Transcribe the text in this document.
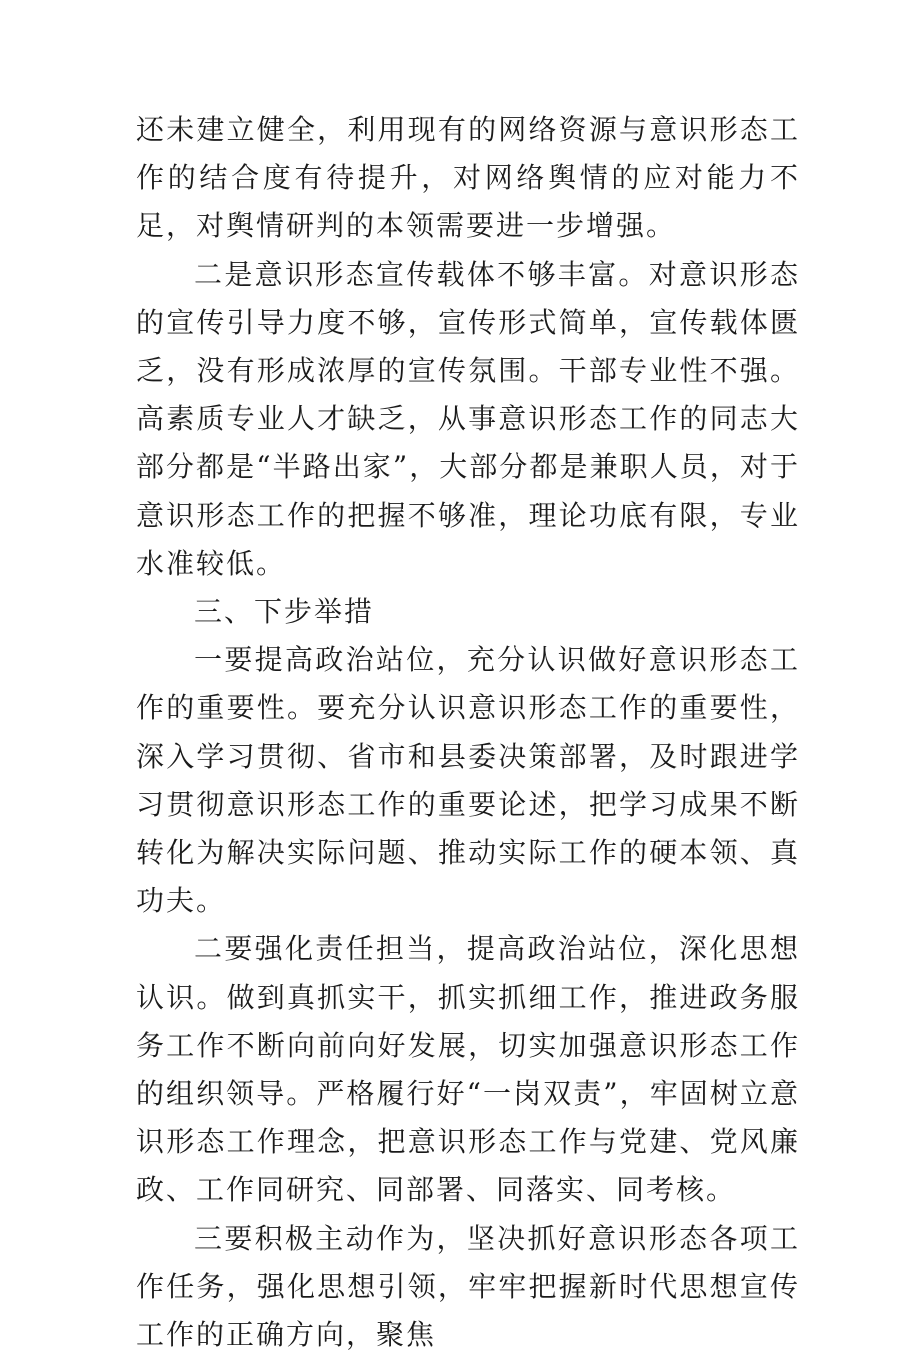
还未建立健全，利用现有的网络资源与意识形态工作的结合度有待提升，对网络舆情的应对能力不足，对舆情研判的本领需要进一步增强。

二是意识形态宣传载体不够丰富。对意识形态的宣传引导力度不够，宣传形式简单，宣传载体匮乏，没有形成浓厚的宣传氛围。干部专业性不强。高素质专业人才缺乏，从事意识形态工作的同志大部分都是“半路出家”，大部分都是兼职人员，对于意识形态工作的把握不够准，理论功底有限，专业水准较低。

三、下步举措

一要提高政治站位，充分认识做好意识形态工作的重要性。要充分认识意识形态工作的重要性，深入学习贯彻、省市和县委决策部署，及时跟进学习贯彻意识形态工作的重要论述，把学习成果不断转化为解决实际问题、推动实际工作的硬本领、真功夫。

二要强化责任担当，提高政治站位，深化思想认识。做到真抓实干，抓实抓细工作，推进政务服务工作不断向前向好发展，切实加强意识形态工作的组织领导。严格履行好“一岗双责”，牢固树立意识形态工作理念，把意识形态工作与党建、党风廉政、工作同研究、同部署、同落实、同考核。

三要积极主动作为，坚决抓好意识形态各项工作任务，强化思想引领，牢牢把握新时代思想宣传工作的正确方向，聚焦
